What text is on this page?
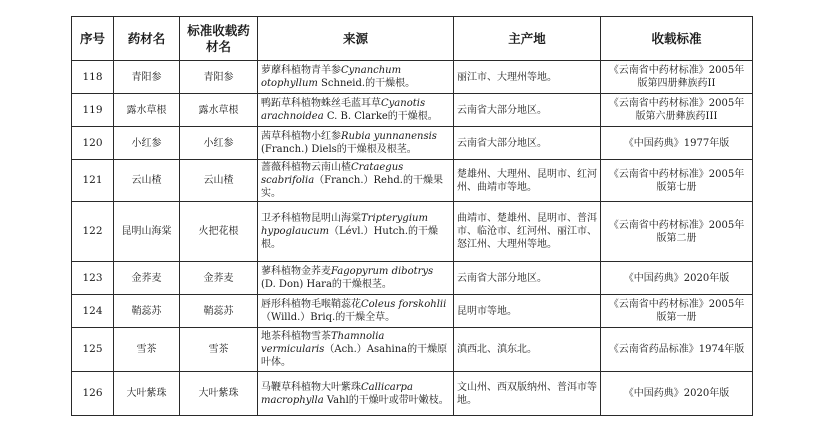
序号	药材名	标准收载药材名	来源	主产地	收载标准
118	青阳参	青阳参	萝藦科植物青羊参Cynanchum otophyllum Schneid.的干燥根。	丽江市、大理州等地。	《云南省中药材标准》2005年版第四册彝族药II
119	露水草根	露水草根	鸭跖草科植物蛛丝毛蓝耳草Cyanotis arachnoidea C. B. Clarke的干燥根。	云南省大部分地区。	《云南省中药材标准》2005年版第六册彝族药III
120	小红参	小红参	茜草科植物小红参Rubia yunnanensis (Franch.) Diels的干燥根及根茎。	云南省大部分地区。	《中国药典》1977年版
121	云山楂	云山楂	蔷薇科植物云南山楂Crataegus scabrifolia（Franch.）Rehd.的干燥果实。	楚雄州、大理州、昆明市、红河州、曲靖市等地。	《云南省中药材标准》2005年版第七册
122	昆明山海棠	火把花根	卫矛科植物昆明山海棠Tripterygium hypoglaucum（Lévl.）Hutch.的干燥根。	曲靖市、楚雄州、昆明市、普洱市、临沧市、红河州、丽江市、怒江州、大理州等地。	《云南省中药材标准》2005年版第二册
123	金荞麦	金荞麦	蓼科植物金荞麦Fagopyrum dibotrys (D. Don) Hara的干燥根茎。	云南省大部分地区。	《中国药典》2020年版
124	鞘蕊苏	鞘蕊苏	唇形科植物毛喉鞘蕊花Coleus forskohlii（Willd.）Briq.的干燥全草。	昆明市等地。	《云南省中药材标准》2005年版第一册
125	雪茶	雪茶	地茶科植物雪茶Thamnolia vermicularis（Ach.）Asahina的干燥原叶体。	滇西北、滇东北。	《云南省药品标准》1974年版
126	大叶紫珠	大叶紫珠	马鞭草科植物大叶紫珠Callicarpa macrophylla Vahl的干燥叶或带叶嫩枝。	文山州、西双版纳州、普洱市等地。	《中国药典》2020年版
